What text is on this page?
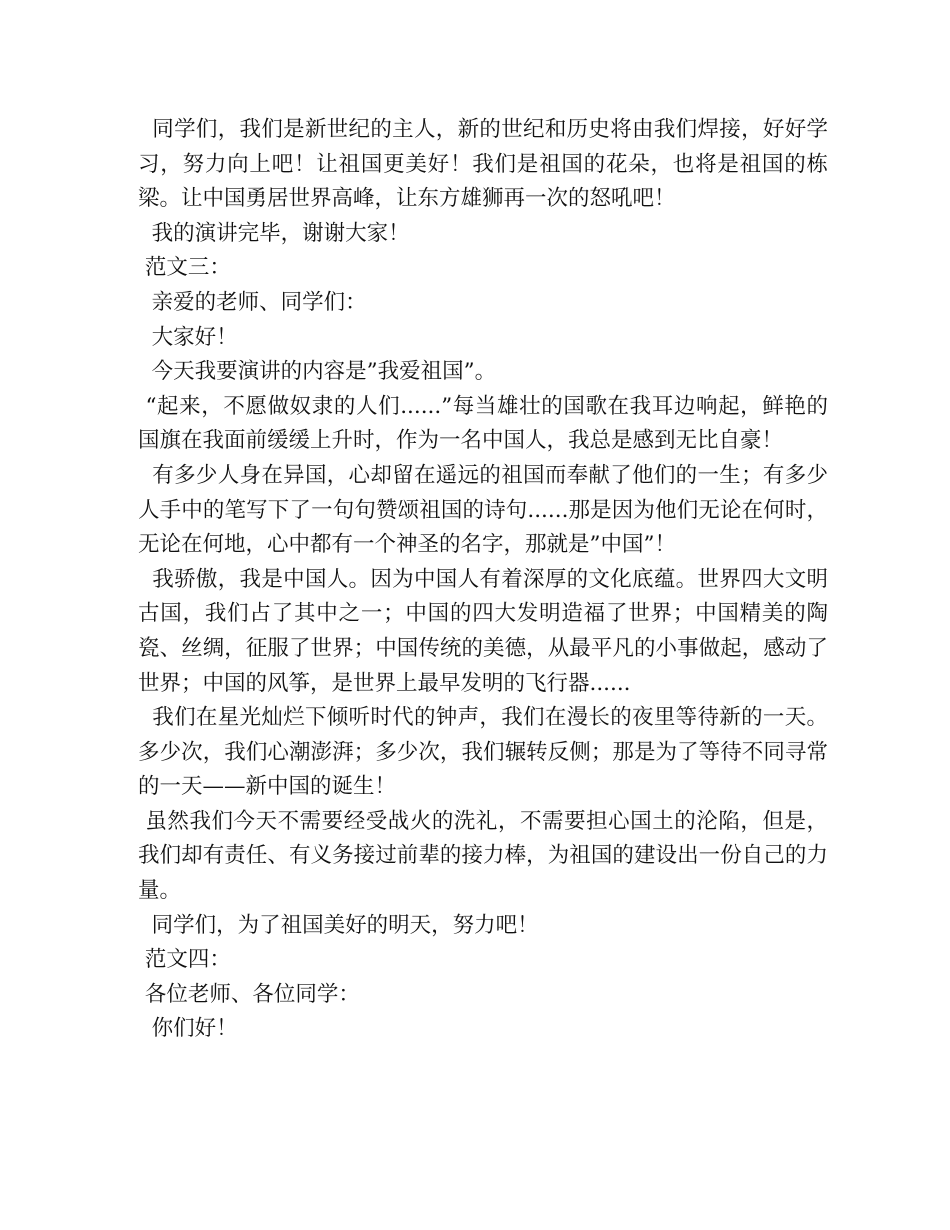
同学们，我们是新世纪的主人，新的世纪和历史将由我们焊接，好好学习，努力向上吧！让祖国更美好！我们是祖国的花朵，也将是祖国的栋梁。让中国勇居世界高峰，让东方雄狮再一次的怒吼吧！

我的演讲完毕，谢谢大家！

范文三：

亲爱的老师、同学们：

大家好！

今天我要演讲的内容是”我爱祖国”。

“起来，不愿做奴隶的人们......”每当雄壮的国歌在我耳边响起，鲜艳的国旗在我面前缓缓上升时，作为一名中国人，我总是感到无比自豪！

有多少人身在异国，心却留在遥远的祖国而奉献了他们的一生；有多少人手中的笔写下了一句句赞颂祖国的诗句......那是因为他们无论在何时，无论在何地，心中都有一个神圣的名字，那就是”中国”！

我骄傲，我是中国人。因为中国人有着深厚的文化底蕴。世界四大文明古国，我们占了其中之一；中国的四大发明造福了世界；中国精美的陶瓷、丝绸，征服了世界；中国传统的美德，从最平凡的小事做起，感动了世界；中国的风筝，是世界上最早发明的飞行器......

我们在星光灿烂下倾听时代的钟声，我们在漫长的夜里等待新的一天。多少次，我们心潮澎湃；多少次，我们辗转反侧；那是为了等待不同寻常的一天——新中国的诞生！

虽然我们今天不需要经受战火的洗礼，不需要担心国土的沦陷，但是，我们却有责任、有义务接过前辈的接力棒，为祖国的建设出一份自己的力量。

同学们，为了祖国美好的明天，努力吧！

范文四：

各位老师、各位同学：

你们好！
